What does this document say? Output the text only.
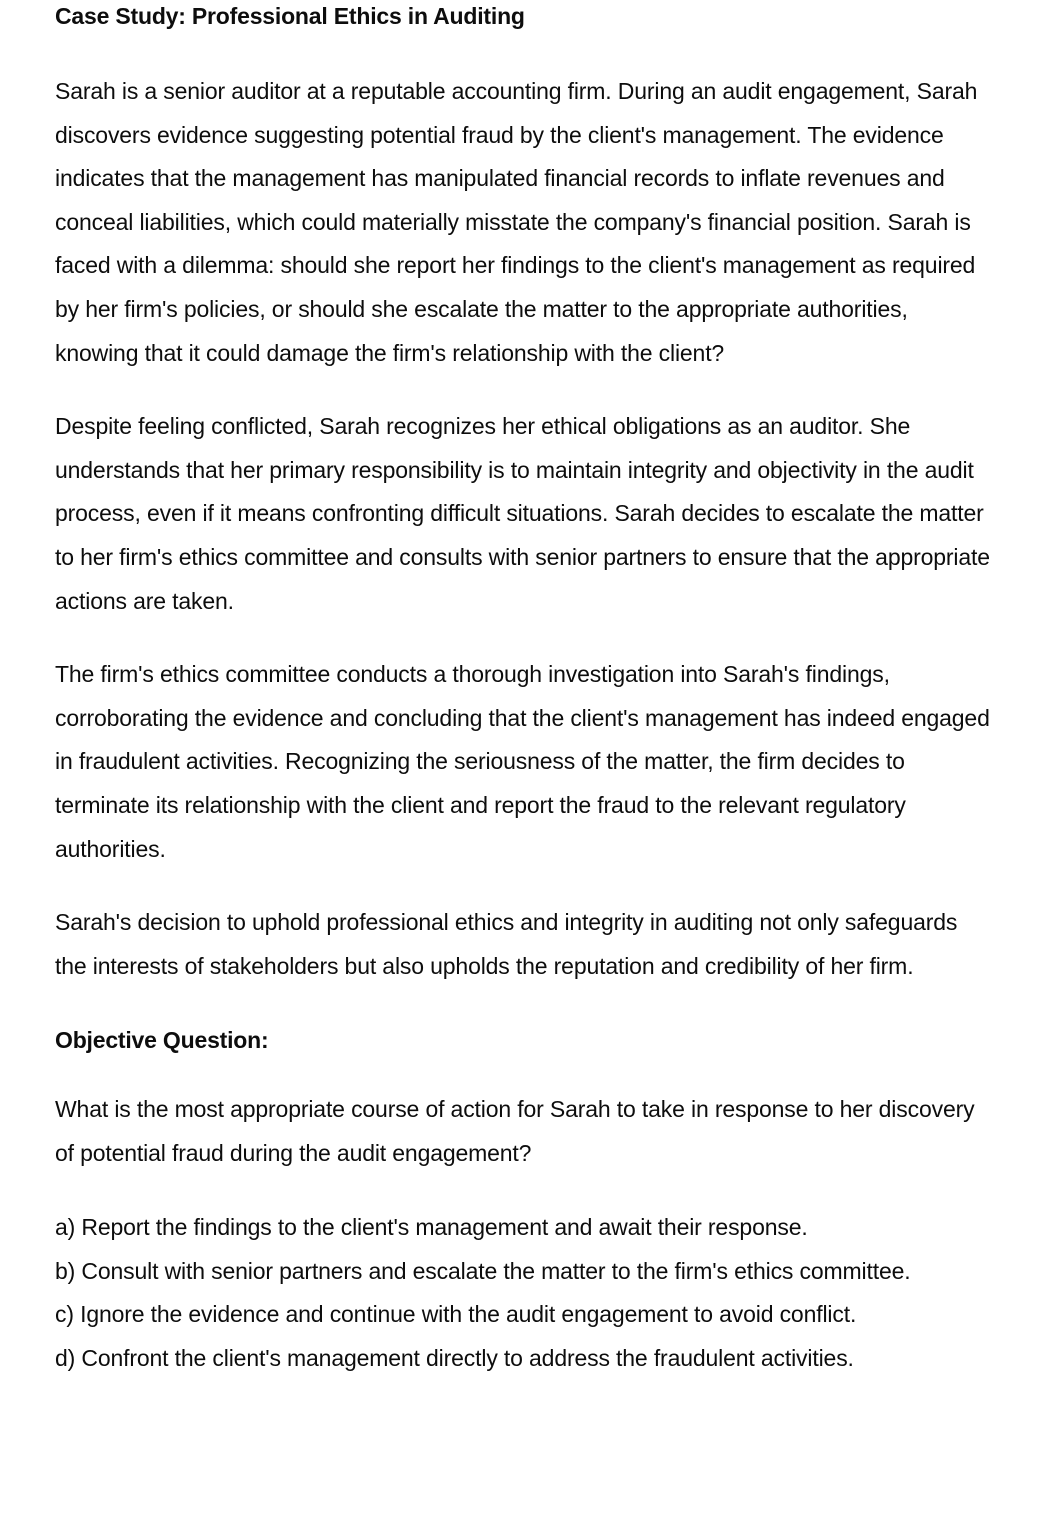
Case Study: Professional Ethics in Auditing

Sarah is a senior auditor at a reputable accounting firm. During an audit engagement, Sarah discovers evidence suggesting potential fraud by the client's management. The evidence indicates that the management has manipulated financial records to inflate revenues and conceal liabilities, which could materially misstate the company's financial position. Sarah is faced with a dilemma: should she report her findings to the client's management as required by her firm's policies, or should she escalate the matter to the appropriate authorities, knowing that it could damage the firm's relationship with the client?

Despite feeling conflicted, Sarah recognizes her ethical obligations as an auditor. She understands that her primary responsibility is to maintain integrity and objectivity in the audit process, even if it means confronting difficult situations. Sarah decides to escalate the matter to her firm's ethics committee and consults with senior partners to ensure that the appropriate actions are taken.

The firm's ethics committee conducts a thorough investigation into Sarah's findings, corroborating the evidence and concluding that the client's management has indeed engaged in fraudulent activities. Recognizing the seriousness of the matter, the firm decides to terminate its relationship with the client and report the fraud to the relevant regulatory authorities.

Sarah's decision to uphold professional ethics and integrity in auditing not only safeguards the interests of stakeholders but also upholds the reputation and credibility of her firm.

Objective Question:

What is the most appropriate course of action for Sarah to take in response to her discovery of potential fraud during the audit engagement?

a) Report the findings to the client's management and await their response.
b) Consult with senior partners and escalate the matter to the firm's ethics committee.
c) Ignore the evidence and continue with the audit engagement to avoid conflict.
d) Confront the client's management directly to address the fraudulent activities.
